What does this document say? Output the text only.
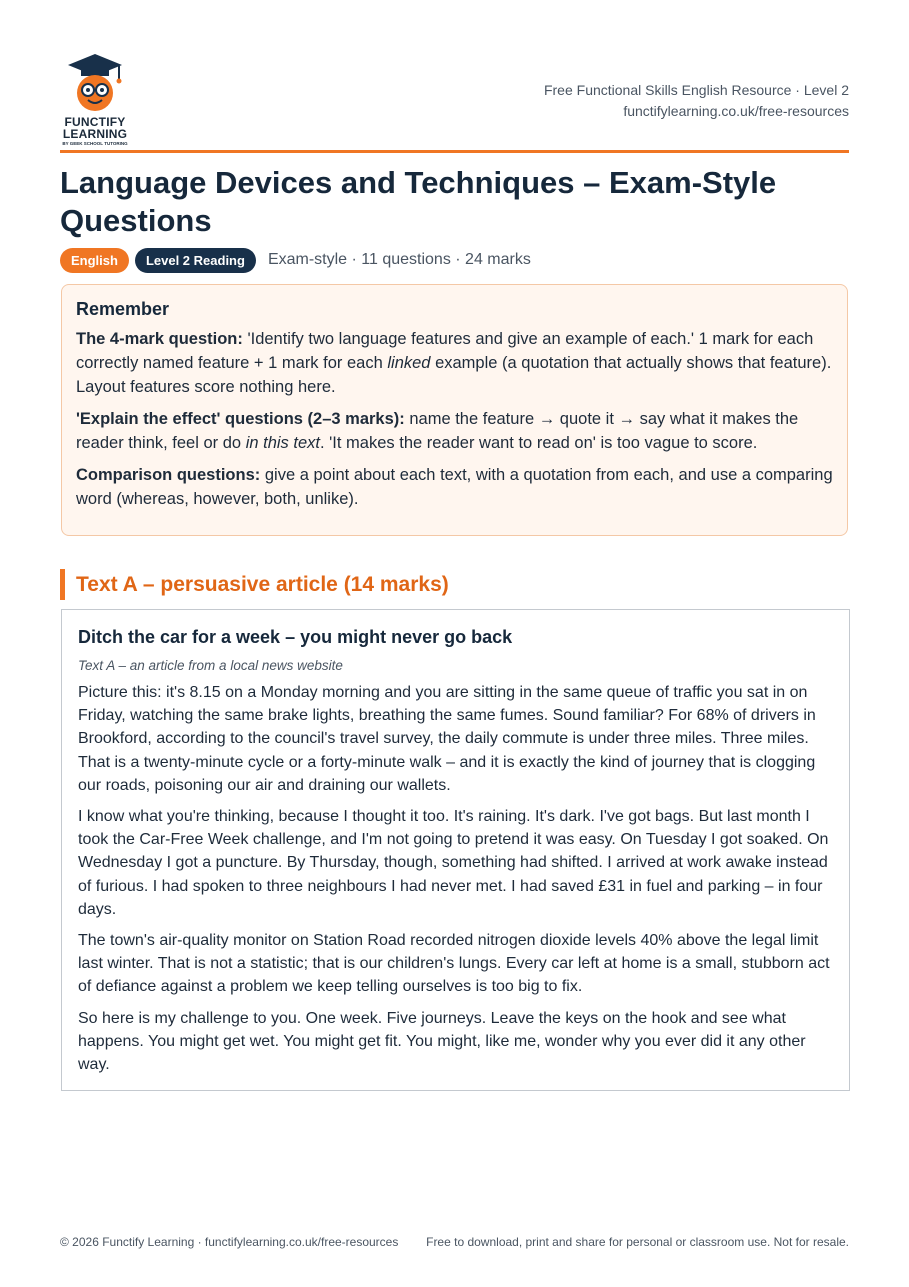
FUNCTIFY
LEARNING
BY GEEK SCHOOL TUTORING
Free Functional Skills English Resource · Level 2
functifylearning.co.uk/free-resources
Language Devices and Techniques – Exam-Style Questions
English	Level 2 Reading	Exam-style · 11 questions · 24 marks
Remember

The 4-mark question: 'Identify two language features and give an example of each.' 1 mark for each correctly named feature + 1 mark for each linked example (a quotation that actually shows that feature). Layout features score nothing here.

'Explain the effect' questions (2–3 marks): name the feature → quote it → say what it makes the reader think, feel or do in this text. 'It makes the reader want to read on' is too vague to score.

Comparison questions: give a point about each text, with a quotation from each, and use a comparing word (whereas, however, both, unlike).

Text A – persuasive article (14 marks)
Ditch the car for a week – you might never go back
Text A – an article from a local news website

Picture this: it's 8.15 on a Monday morning and you are sitting in the same queue of traffic you sat in on Friday, watching the same brake lights, breathing the same fumes. Sound familiar? For 68% of drivers in Brookford, according to the council's travel survey, the daily commute is under three miles. Three miles. That is a twenty-minute cycle or a forty-minute walk – and it is exactly the kind of journey that is clogging our roads, poisoning our air and draining our wallets.

I know what you're thinking, because I thought it too. It's raining. It's dark. I've got bags. But last month I took the Car-Free Week challenge, and I'm not going to pretend it was easy. On Tuesday I got soaked. On Wednesday I got a puncture. By Thursday, though, something had shifted. I arrived at work awake instead of furious. I had spoken to three neighbours I had never met. I had saved £31 in fuel and parking – in four days.

The town's air-quality monitor on Station Road recorded nitrogen dioxide levels 40% above the legal limit last winter. That is not a statistic; that is our children's lungs. Every car left at home is a small, stubborn act of defiance against a problem we keep telling ourselves is too big to fix.

So here is my challenge to you. One week. Five journeys. Leave the keys on the hook and see what happens. You might get wet. You might get fit. You might, like me, wonder why you ever did it any other way.

© 2026 Functify Learning · functifylearning.co.uk/free-resources	Free to download, print and share for personal or classroom use. Not for resale.
